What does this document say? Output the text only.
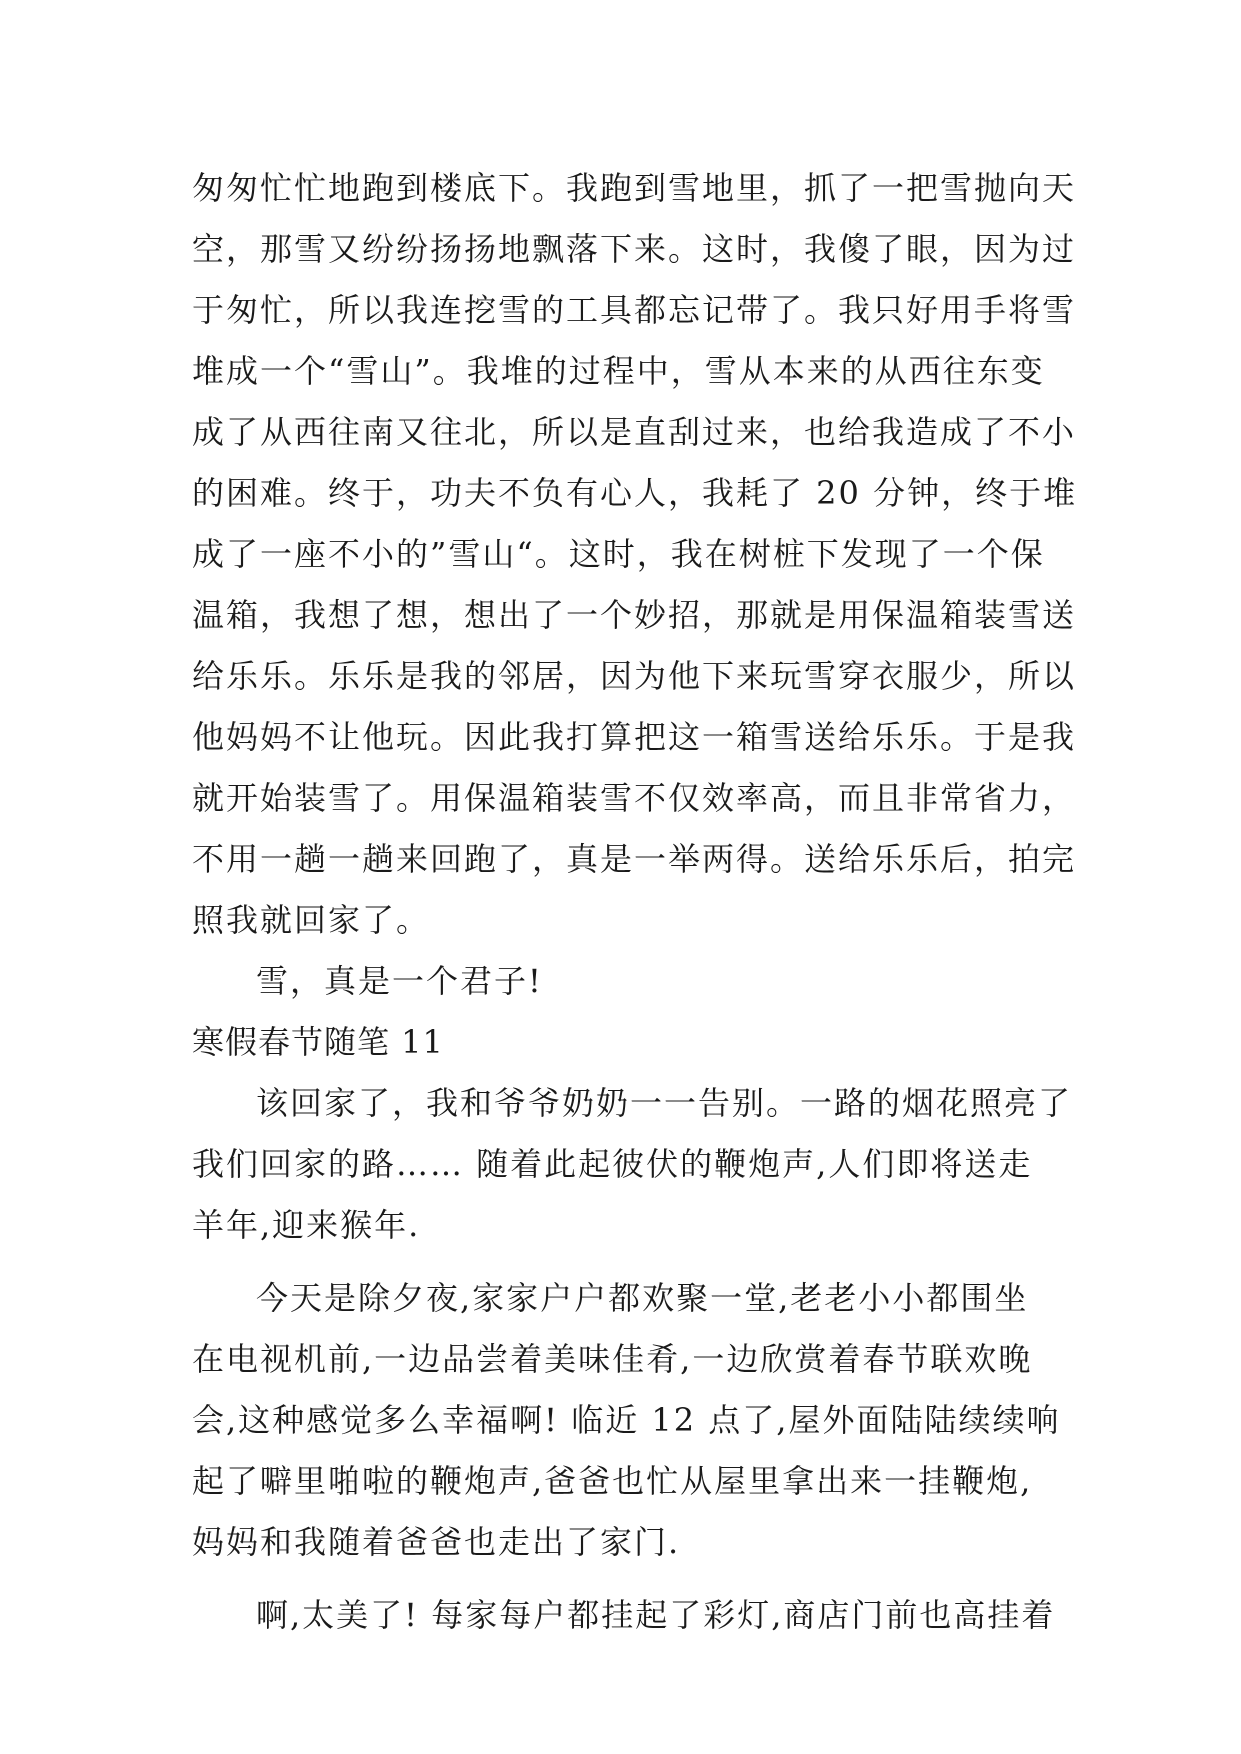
匆匆忙忙地跑到楼底下。我跑到雪地里，抓了一把雪抛向天
空，那雪又纷纷扬扬地飘落下来。这时，我傻了眼，因为过
于匆忙，所以我连挖雪的工具都忘记带了。我只好用手将雪
堆成一个“雪山”。我堆的过程中，雪从本来的从西往东变
成了从西往南又往北，所以是直刮过来，也给我造成了不小
的困难。终于，功夫不负有心人，我耗了 20 分钟，终于堆
成了一座不小的”雪山“。这时，我在树桩下发现了一个保
温箱，我想了想，想出了一个妙招，那就是用保温箱装雪送
给乐乐。乐乐是我的邻居，因为他下来玩雪穿衣服少，所以
他妈妈不让他玩。因此我打算把这一箱雪送给乐乐。于是我
就开始装雪了。用保温箱装雪不仅效率高，而且非常省力，
不用一趟一趟来回跑了，真是一举两得。送给乐乐后，拍完
照我就回家了。
雪，真是一个君子!
寒假春节随笔 11
该回家了，我和爷爷奶奶一一告别。一路的烟花照亮了
我们回家的路…… 随着此起彼伏的鞭炮声,人们即将送走
羊年,迎来猴年.
今天是除夕夜,家家户户都欢聚一堂,老老小小都围坐
在电视机前,一边品尝着美味佳肴,一边欣赏着春节联欢晚
会,这种感觉多么幸福啊! 临近 12 点了,屋外面陆陆续续响
起了噼里啪啦的鞭炮声,爸爸也忙从屋里拿出来一挂鞭炮,
妈妈和我随着爸爸也走出了家门.
啊,太美了! 每家每户都挂起了彩灯,商店门前也高挂着
